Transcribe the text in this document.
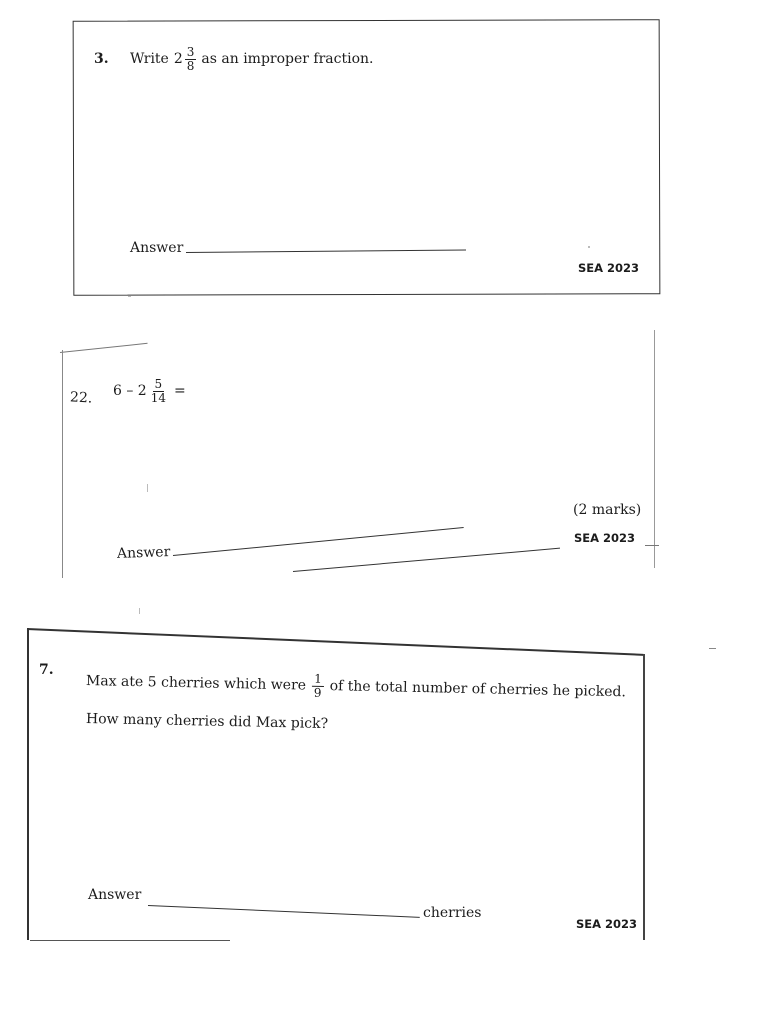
3. Write $2 \frac{3}{8}$ as an improper fraction.
Answer
SEA 2023
22. $6 - 2 \frac{5}{14}$ =
(2 marks)
Answer
SEA 2023
7.
Max ate 5 cherries which were $\frac{1}{9}$ of the total number of cherries he picked.
How many cherries did Max pick?
Answer
cherries
SEA 2023
